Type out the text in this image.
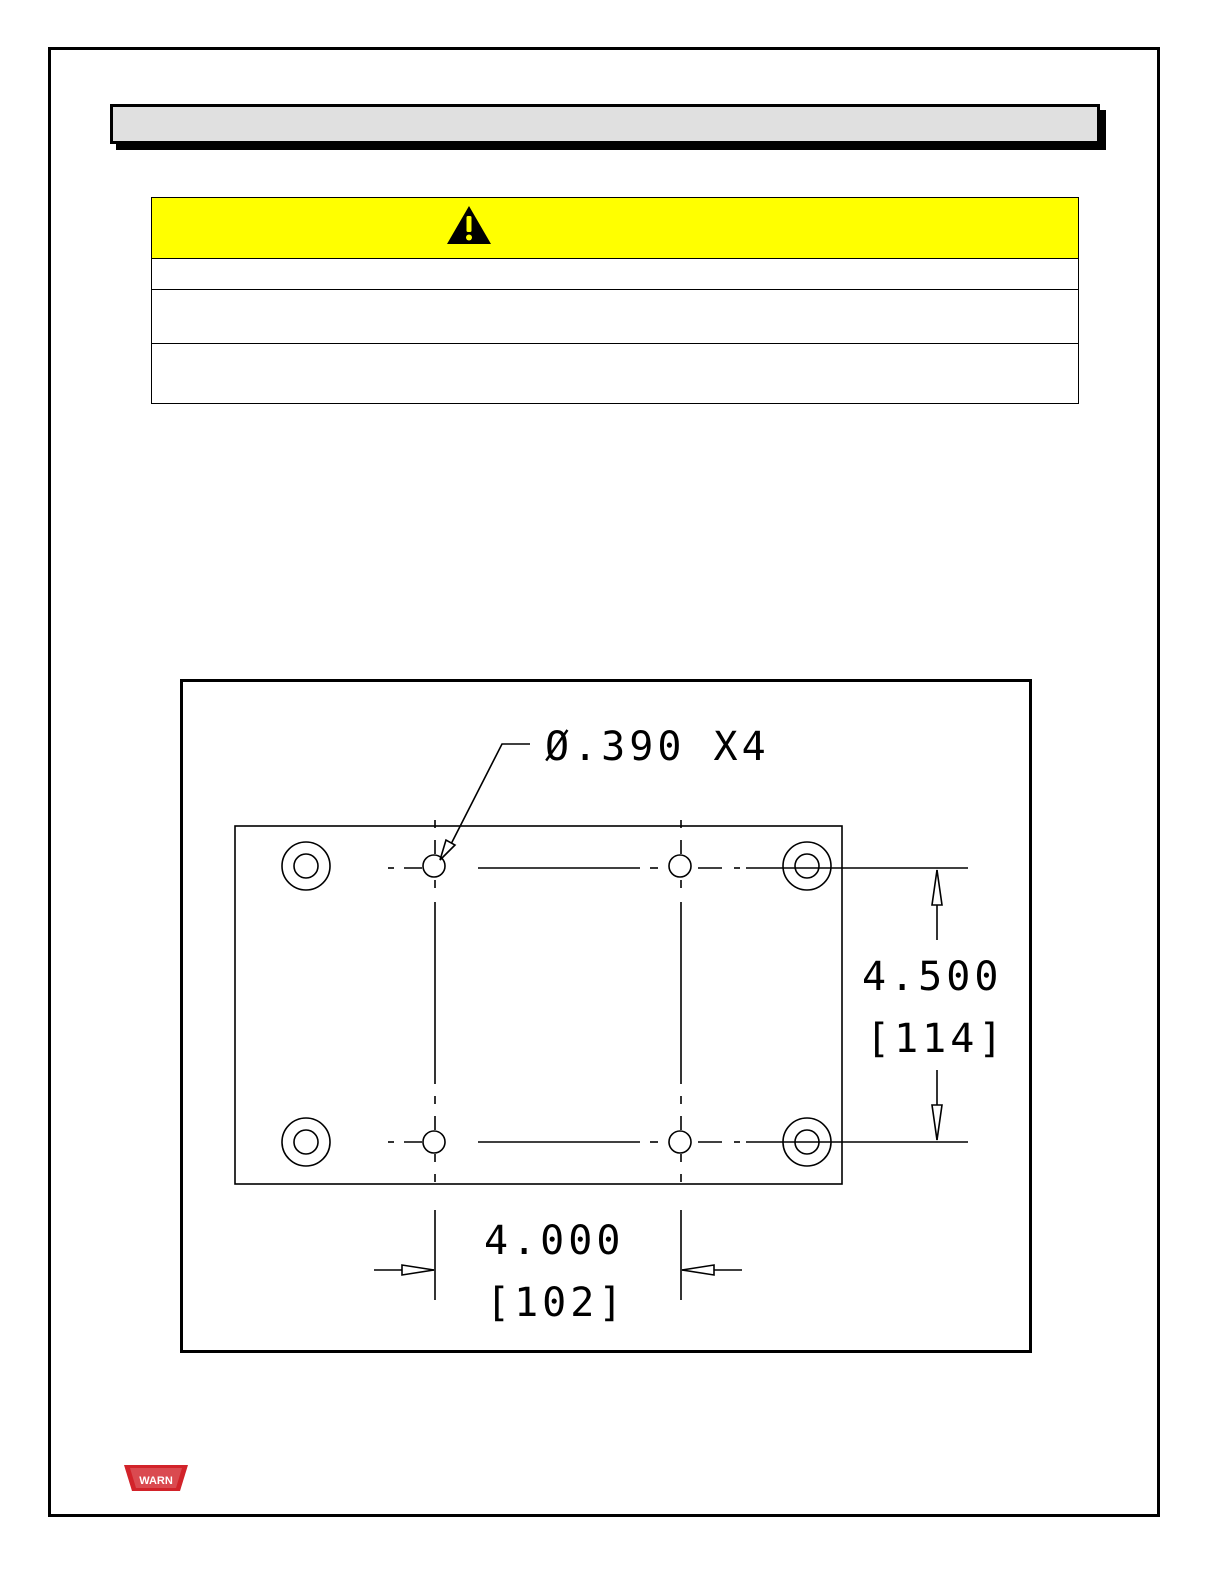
Ø.390 X4
4.500
[114]
4.000
[102]
WARN
